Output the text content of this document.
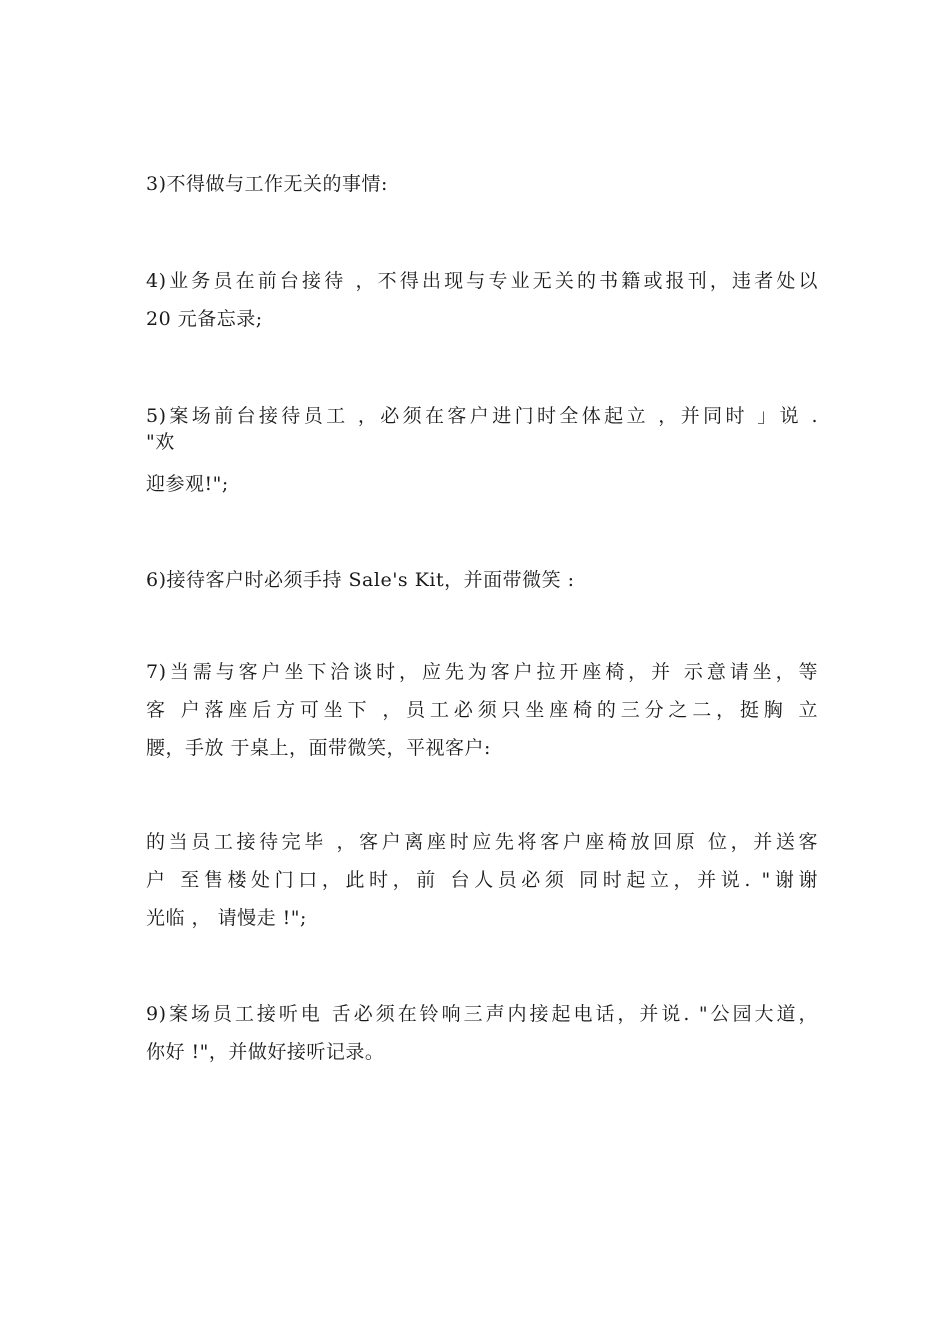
3)不得做与工作无关的事情:
4)业务员在前台接待 ，不得出现与专业无关的书籍或报刊，违者处以
20 元备忘录;
5)案场前台接待员工 ，必须在客户进门时全体起立 ，并同时 」说 .
"欢
迎参观!";
6)接待客户时必须手持 Sale's Kit，并面带微笑 :
7)当需与客户坐下洽谈时，应先为客户拉开座椅，并 示意请坐，等
客 户落座后方可坐下 ，员工必须只坐座椅的三分之二，挺胸 立
腰，手放 于桌上，面带微笑，平视客户:
的当员工接待完毕 ，客户离座时应先将客户座椅放回原 位，并送客
户 至售楼处门口，此时，前 台人员必须 同时起立，并说. "谢谢
光临 ， 请慢走 !";
9)案场员工接听电 舌必须在铃响三声内接起电话，并说. "公园大道，
你好 !"，并做好接听记录。
